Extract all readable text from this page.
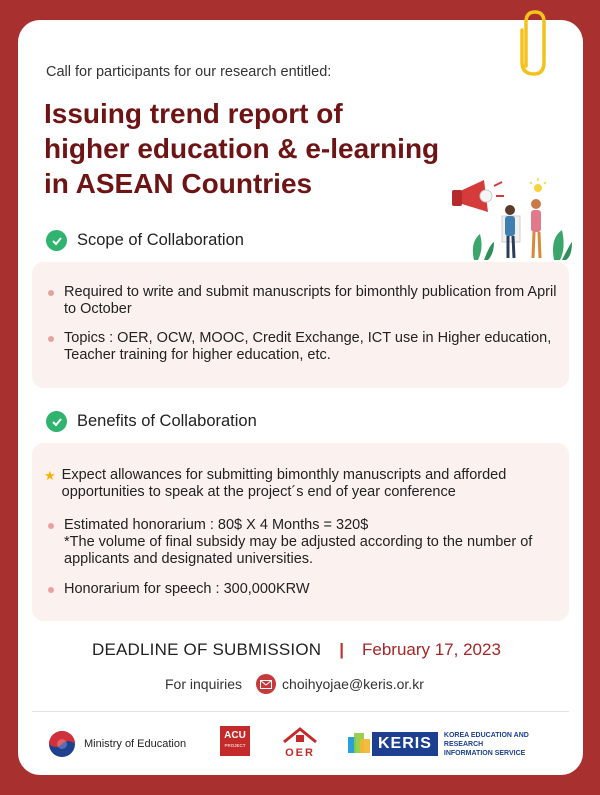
Call for participants for our research entitled:
Issuing trend report of
higher education & e-learning
in ASEAN Countries
Scope of Collaboration
Required to write and submit manuscripts for bimonthly publication from April to October
Topics : OER, OCW, MOOC, Credit Exchange, ICT use in Higher education, Teacher training for higher education, etc.
Benefits of Collaboration
★ Expect allowances for submitting bimonthly manuscripts and afforded opportunities to speak at the project´s end of year conference
Estimated honorarium : 80$ X 4 Months = 320$
*The volume of final subsidy may be adjusted according to the number of applicants and designated universities.
Honorarium for speech : 300,000KRW
DEADLINE OF SUBMISSION | February 17, 2023
For inquiries	choihyojae@keris.or.kr
Ministry of Education
ACU
PROJECT
OER
KERIS	KOREA EDUCATION AND RESEARCH
INFORMATION SERVICE
